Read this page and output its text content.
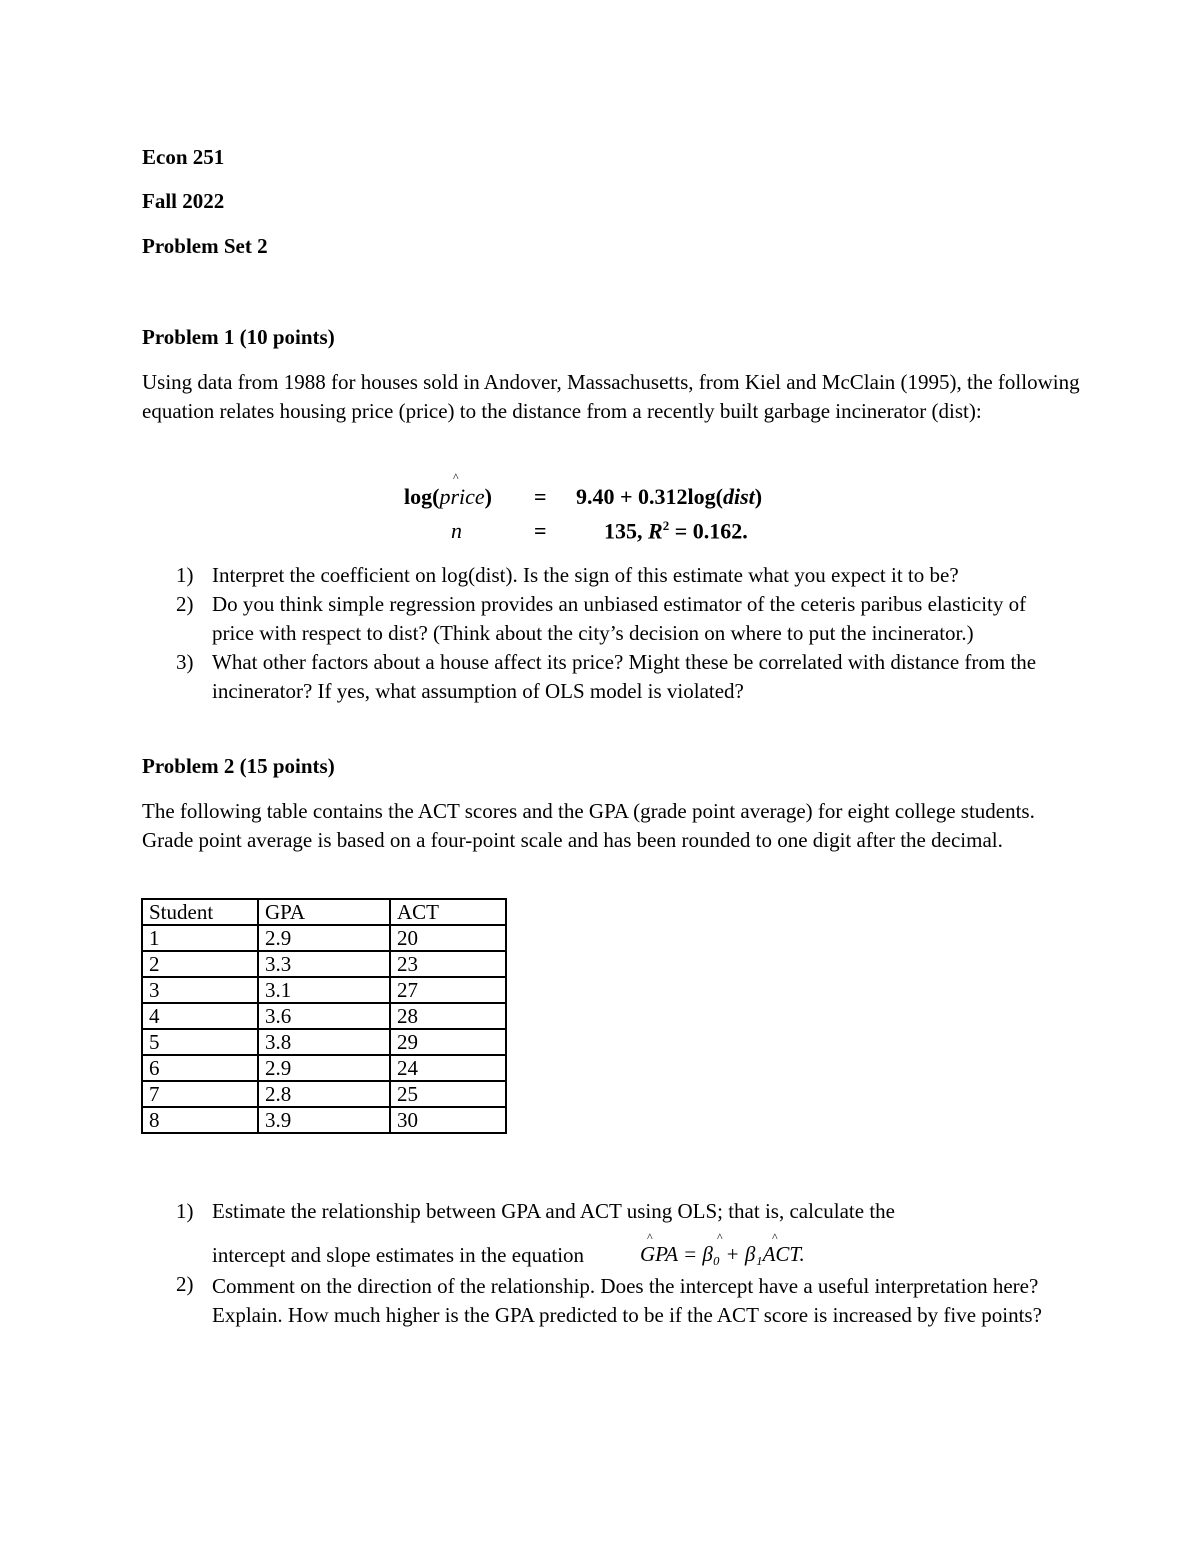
Econ 251
Fall 2022
Problem Set 2
Problem 1 (10 points)
Using data from 1988 for houses sold in Andover, Massachusetts, from Kiel and McClain (1995), the following equation relates housing price (price) to the distance from a recently built garbage incinerator (dist):
^
log(price) = 9.40 + 0.312log(dist)
n	=	135, $R^2 = 0.162$.
1) Interpret the coefficient on log(dist). Is the sign of this estimate what you expect it to be?
2) Do you think simple regression provides an unbiased estimator of the ceteris paribus elasticity of price with respect to dist? (Think about the city’s decision on where to put the incinerator.)
3) What other factors about a house affect its price? Might these be correlated with distance from the incinerator? If yes, what assumption of OLS model is violated?
Problem 2 (15 points)
The following table contains the ACT scores and the GPA (grade point average) for eight college students. Grade point average is based on a four-point scale and has been rounded to one digit after the decimal.
Student	GPA	ACT
1	2.9	20
2	3.3	23
3	3.1	27
4	3.6	28
5	3.8	29
6	2.9	24
7	2.8	25
8	3.9	30
1) Estimate the relationship between GPA and ACT using OLS; that is, calculate the
^	^	^
intercept and slope estimates in the equation	GPA = β₀ + β₁ACT.
2) Comment on the direction of the relationship. Does the intercept have a useful interpretation here? Explain. How much higher is the GPA predicted to be if the ACT score is increased by five points?
